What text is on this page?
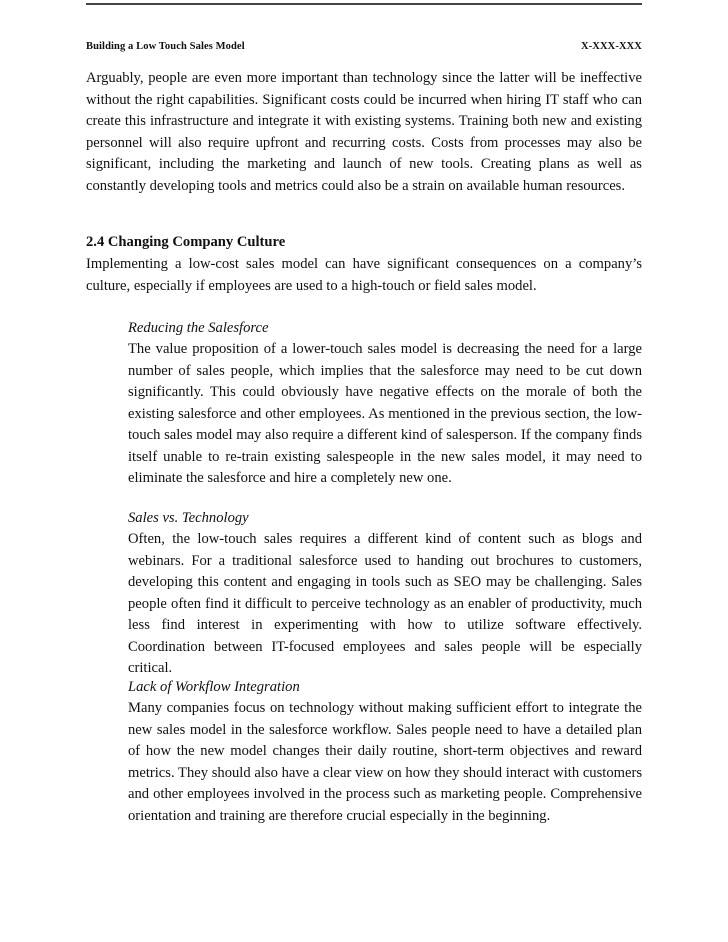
Building a Low Touch Sales Model	X-XXX-XXX

Arguably, people are even more important than technology since the latter will be ineffective without the right capabilities. Significant costs could be incurred when hiring IT staff who can create this infrastructure and integrate it with existing systems. Training both new and existing personnel will also require upfront and recurring costs. Costs from processes may also be significant, including the marketing and launch of new tools. Creating plans as well as constantly developing tools and metrics could also be a strain on available human resources.

2.4 Changing Company Culture

Implementing a low-cost sales model can have significant consequences on a company’s culture, especially if employees are used to a high-touch or field sales model.

Reducing the Salesforce

The value proposition of a lower-touch sales model is decreasing the need for a large number of sales people, which implies that the salesforce may need to be cut down significantly. This could obviously have negative effects on the morale of both the existing salesforce and other employees. As mentioned in the previous section, the low-touch sales model may also require a different kind of salesperson. If the company finds itself unable to re-train existing salespeople in the new sales model, it may need to eliminate the salesforce and hire a completely new one.

Sales vs. Technology

Often, the low-touch sales requires a different kind of content such as blogs and webinars. For a traditional salesforce used to handing out brochures to customers, developing this content and engaging in tools such as SEO may be challenging. Sales people often find it difficult to perceive technology as an enabler of productivity, much less find interest in experimenting with how to utilize software effectively. Coordination between IT-focused employees and sales people will be especially critical.

Lack of Workflow Integration

Many companies focus on technology without making sufficient effort to integrate the new sales model in the salesforce workflow. Sales people need to have a detailed plan of how the new model changes their daily routine, short-term objectives and reward metrics. They should also have a clear view on how they should interact with customers and other employees involved in the process such as marketing people. Comprehensive orientation and training are therefore crucial especially in the beginning.
